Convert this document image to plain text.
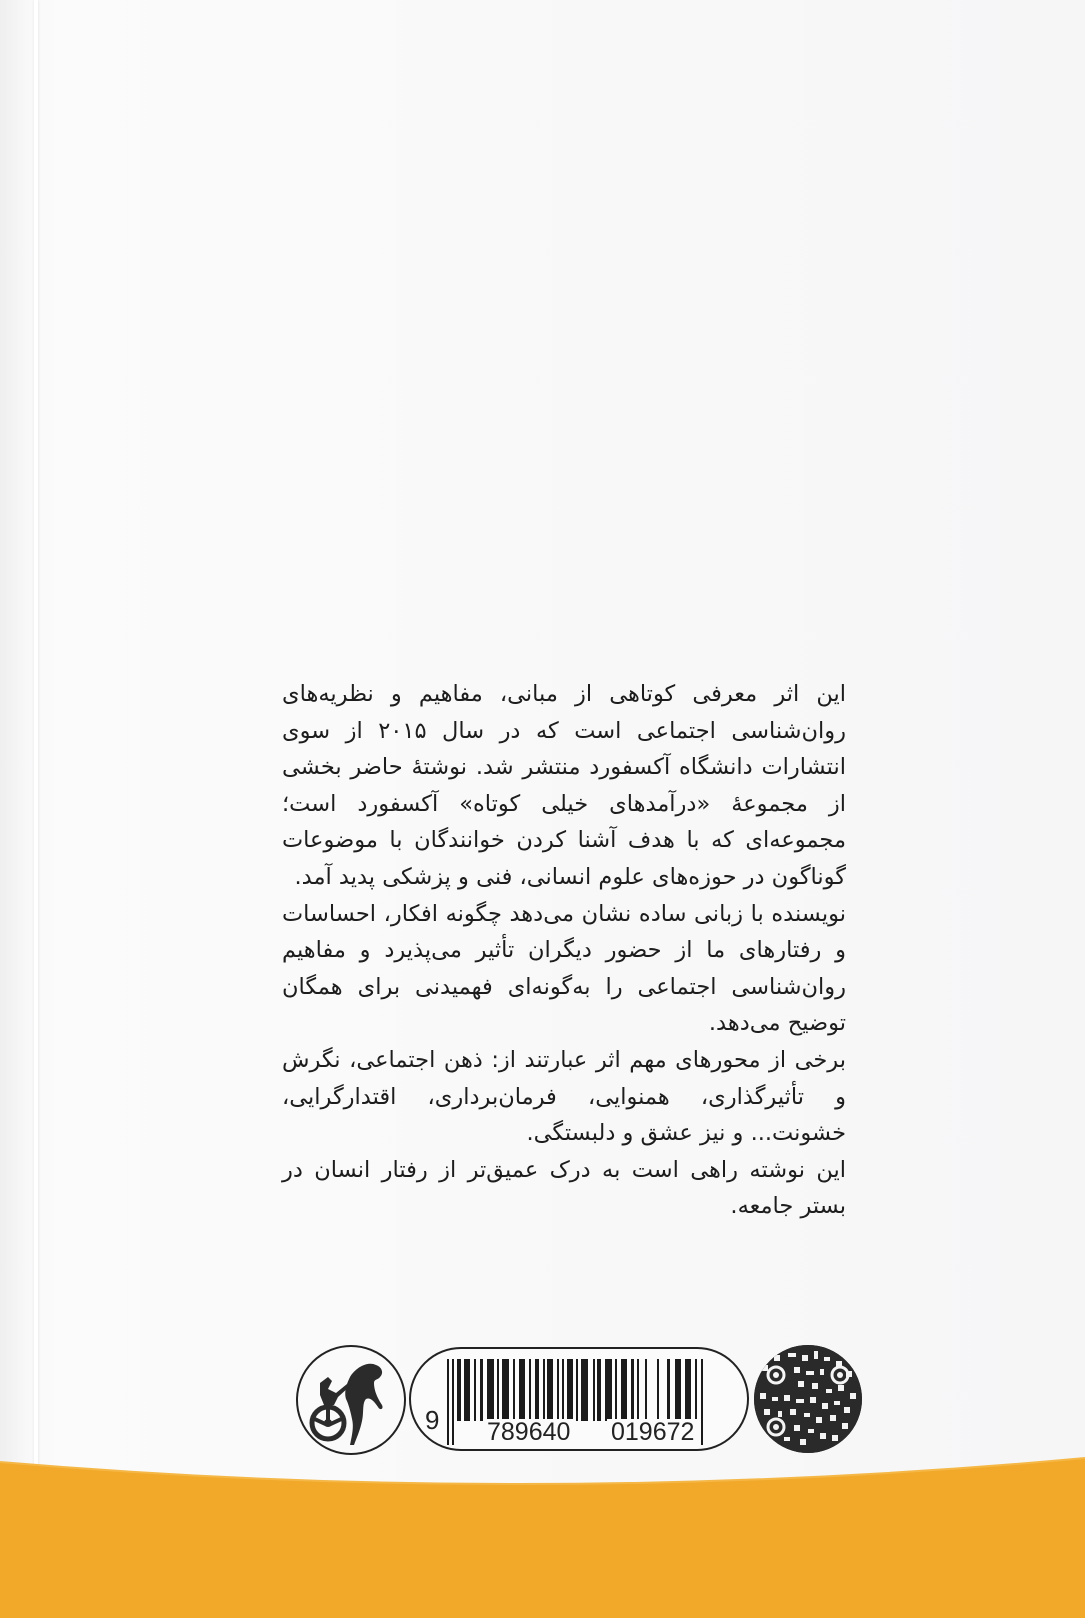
این اثر معرفی کوتاهی از مبانی، مفاهیم و نظریه‌های روان‌شناسی اجتماعی است که در سال ۲۰۱۵ از سوی انتشارات دانشگاه آکسفورد منتشر شد. نوشتهٔ حاضر بخشی از مجموعهٔ «درآمدهای خیلی کوتاه» آکسفورد است؛ مجموعه‌ای که با هدف آشنا کردن خوانندگان با موضوعات گوناگون در حوزه‌های علوم انسانی، فنی و پزشکی پدید آمد.

نویسنده با زبانی ساده نشان می‌دهد چگونه افکار، احساسات و رفتارهای ما از حضور دیگران تأثیر می‌پذیرد و مفاهیم روان‌شناسی اجتماعی را به‌گونه‌ای فهمیدنی برای همگان توضیح می‌دهد.

برخی از محورهای مهم اثر عبارتند از: ذهن اجتماعی، نگرش و تأثیرگذاری، همنوایی، فرمان‌برداری، اقتدارگرایی، خشونت... و نیز عشق و دلبستگی.

این نوشته راهی است به درک عمیق‌تر از رفتار انسان در بستر جامعه.

9 789640 019672
